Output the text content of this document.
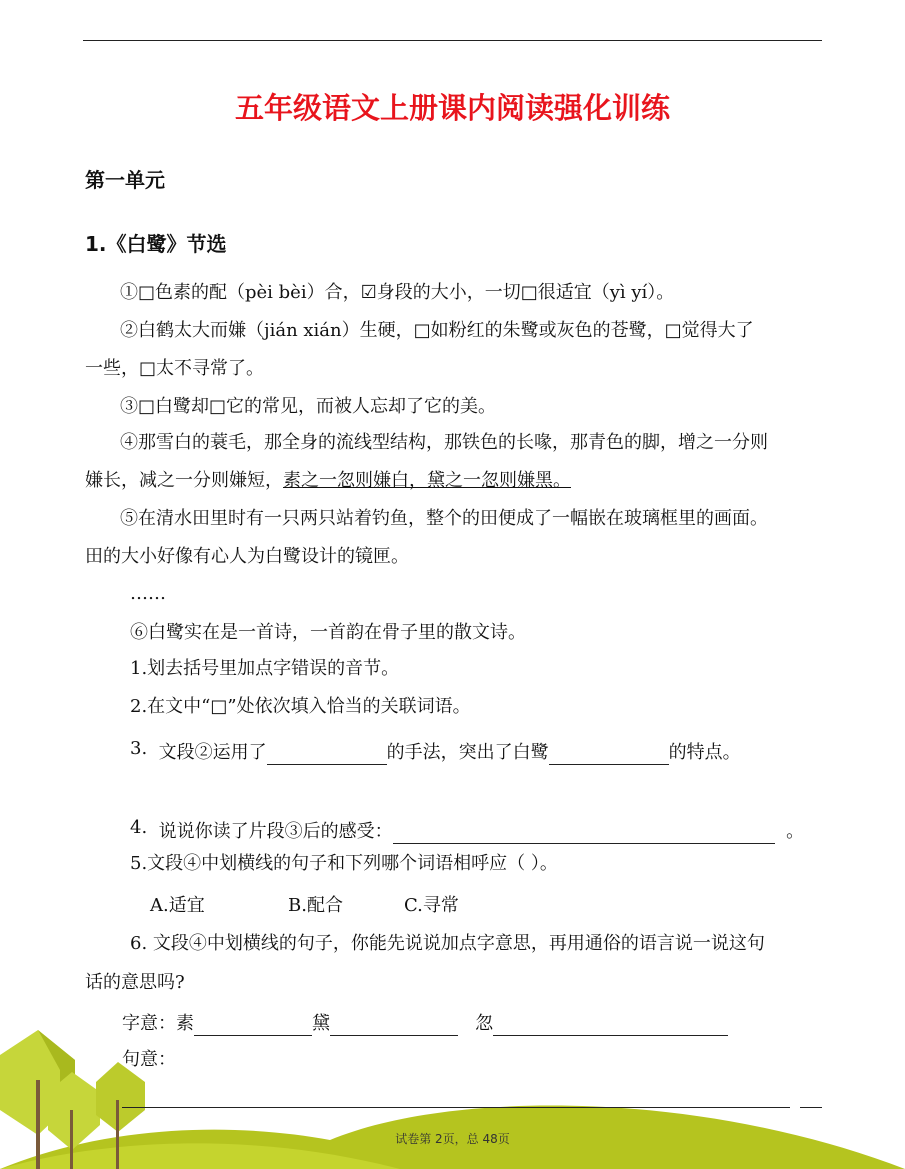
五年级语文上册课内阅读强化训练
第一单元
1.《白鹭》节选
①□色素的配（pèi bèi）合，☑身段的大小，一切□很适宜（yì yí）。
②白鹤太大而嫌（jián xián）生硬，□如粉红的朱鹭或灰色的苍鹭，□觉得大了
一些，□太不寻常了。
③□白鹭却□它的常见，而被人忘却了它的美。
④那雪白的蓑毛，那全身的流线型结构，那铁色的长喙，那青色的脚，增之一分则
嫌长，减之一分则嫌短，素之一忽则嫌白，黛之一忽则嫌黑。
⑤在清水田里时有一只两只站着钓鱼，整个的田便成了一幅嵌在玻璃框里的画面。
田的大小好像有心人为白鹭设计的镜匣。
……
⑥白鹭实在是一首诗，一首韵在骨子里的散文诗。
1.划去括号里加点字错误的音节。
2.在文中“□”处依次填入恰当的关联词语。
3. 文段②运用了	的手法，突出了白鹭	的特点。
4. 说说你读了片段③后的感受：	。
5.文段④中划横线的句子和下列哪个词语相呼应（ ）。
A.适宜	B.配合	C.寻常
6. 文段④中划横线的句子，你能先说说加点字意思，再用通俗的语言说一说这句
话的意思吗?
字意：素	黛	忽
句意：
试卷第 2页，总 48页
